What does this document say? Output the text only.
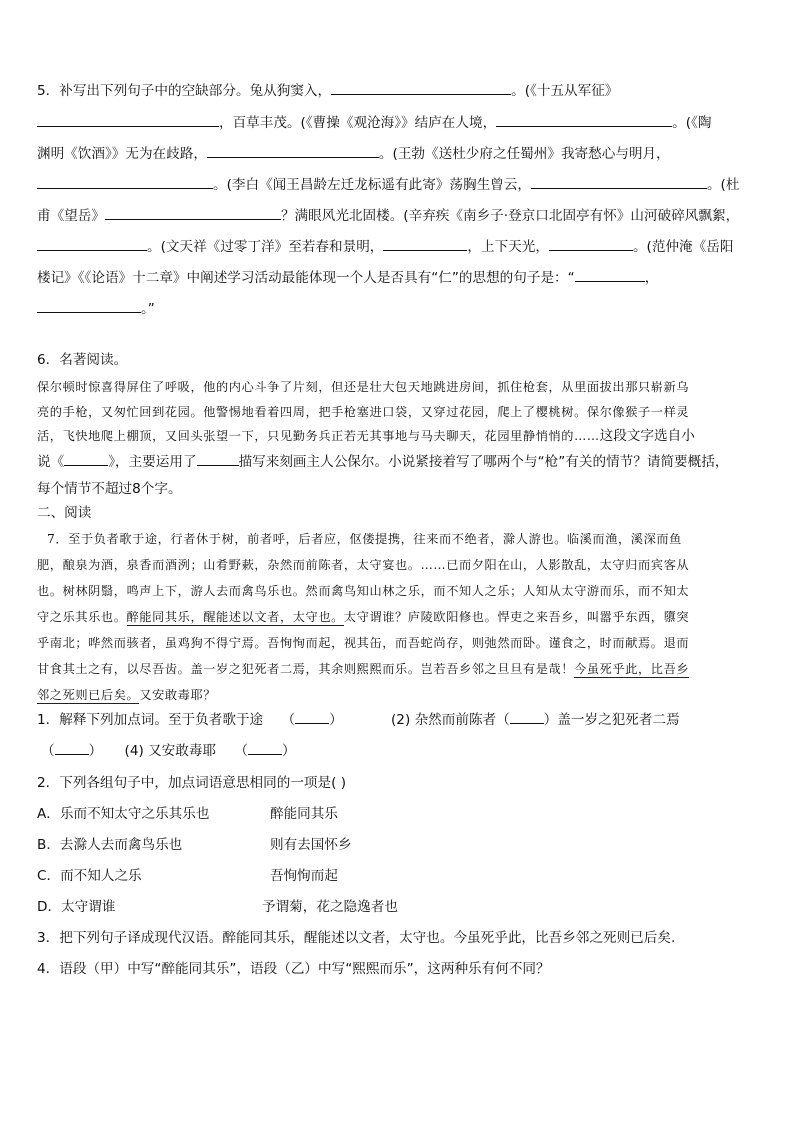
5．补写出下列句子中的空缺部分。兔从狗窦入，	。(《十五从军征》
，百草丰茂。(《曹操《观沧海》》结庐在人境，	。(《陶
渊明《饮酒》》无为在歧路，	。(王勃《送杜少府之任蜀州》我寄愁心与明月，
。(李白《闻王昌龄左迁龙标遥有此寄》荡胸生曾云，	。(杜
甫《望岳》	？满眼风光北固楼。(辛弃疾《南乡子·登京口北固亭有怀》山河破碎风飘絮，
。(文天祥《过零丁洋》至若春和景明，	，上下天光，	。(范仲淹《岳阳
楼记》《《论语》十二章》中阐述学习活动最能体现一个人是否具有“仁”的思想的句子是：“	，
。”
6．名著阅读。
保尔顿时惊喜得屏住了呼吸，他的内心斗争了片刻，但还是壮大包天地跳进房间，抓住枪套，从里面拔出那只崭新乌
亮的手枪，又匆忙回到花园。他警惕地看着四周，把手枪塞进口袋，又穿过花园，爬上了樱桃树。保尔像猴子一样灵
活，飞快地爬上棚顶，又回头张望一下，只见勤务兵正若无其事地与马夫聊天，花园里静悄悄的……这段文字选自小
说《	》，主要运用了	描写来刻画主人公保尔。小说紧接着写了哪两个与“枪”有关的情节？请简要概括，
每个情节不超过8个字。
二、阅读
7．至于负者歌于途，行者休于树，前者呼，后者应，伛偻提携，往来而不绝者，滁人游也。临溪而渔，溪深而鱼
肥，酿泉为酒，泉香而酒洌；山肴野蔌，杂然而前陈者，太守宴也。……已而夕阳在山，人影散乱，太守归而宾客从
也。树林阴翳，鸣声上下，游人去而禽鸟乐也。然而禽鸟知山林之乐，而不知人之乐；人知从太守游而乐，而不知太
守之乐其乐也。醉能同其乐，醒能述以文者，太守也。太守谓谁？庐陵欧阳修也。悍吏之来吾乡，叫嚣乎东西，隳突
乎南北；哗然而骇者，虽鸡狗不得宁焉。吾恂恂而起，视其缶，而吾蛇尚存，则弛然而卧。谨食之，时而献焉。退而
甘食其土之有，以尽吾齿。盖一岁之犯死者二焉，其余则熙熙而乐。岂若吾乡邻之旦旦有是哉！今虽死乎此，比吾乡
邻之死则已后矣。又安敢毒耶？
1．解释下列加点词。至于负者歌于途 （	）	(2) 杂然而前陈者（	）盖一岁之犯死者二焉
（	） (4) 又安敢毒耶 （	）
2．下列各组句子中，加点词语意思相同的一项是( )
A．乐而不知太守之乐其乐也	醉能同其乐
B．去滁人去而禽鸟乐也	则有去国怀乡
C．而不知人之乐	吾恂恂而起
D．太守谓谁	予谓菊，花之隐逸者也
3．把下列句子译成现代汉语。醉能同其乐，醒能述以文者，太守也。今虽死乎此，比吾乡邻之死则已后矣.
4．语段（甲）中写“醉能同其乐”，语段（乙）中写“熙熙而乐”，这两种乐有何不同？
